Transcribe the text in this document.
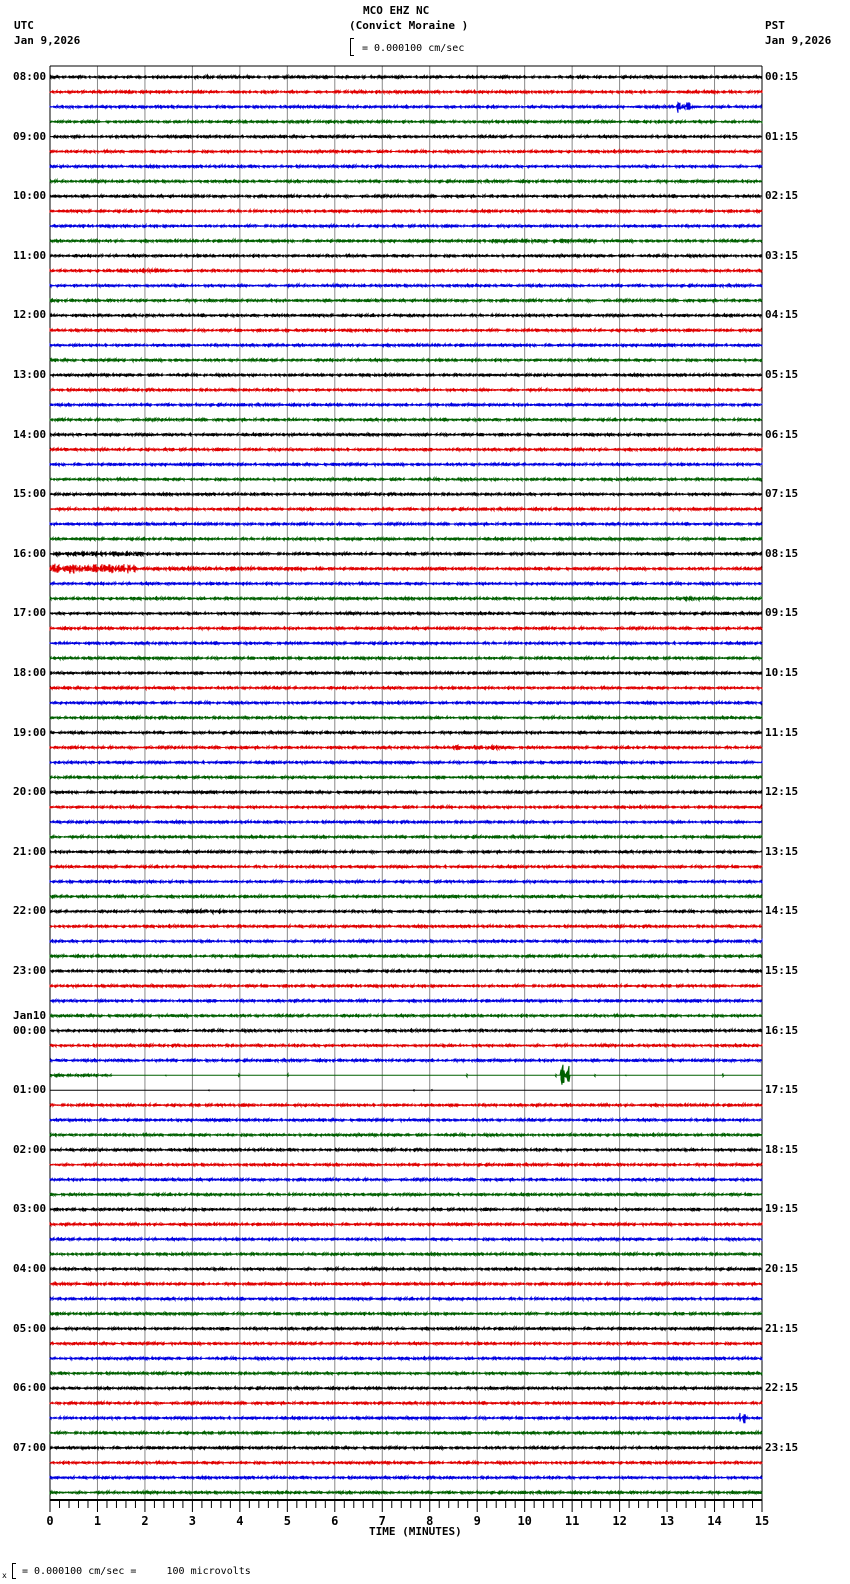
MCO EHZ NC
(Convict Moraine )
UTC
Jan 9,2026
PST
Jan 9,2026
= 0.000100 cm/sec
x = 0.000100 cm/sec =     100 microvolts
TIME (MINUTES)
08:00	00:15
09:00	01:15
10:00	02:15
11:00	03:15
12:00	04:15
13:00	05:15
14:00	06:15
15:00	07:15
16:00	08:15
17:00	09:15
18:00	10:15
19:00	11:15
20:00	12:15
21:00	13:15
22:00	14:15
23:00	15:15
00:00	16:15
Jan10
01:00	17:15
02:00	18:15
03:00	19:15
04:00	20:15
05:00	21:15
06:00	22:15
07:00	23:15
0	1	2	3	4	5	6	7	8	9	10	11	12	13	14	15
